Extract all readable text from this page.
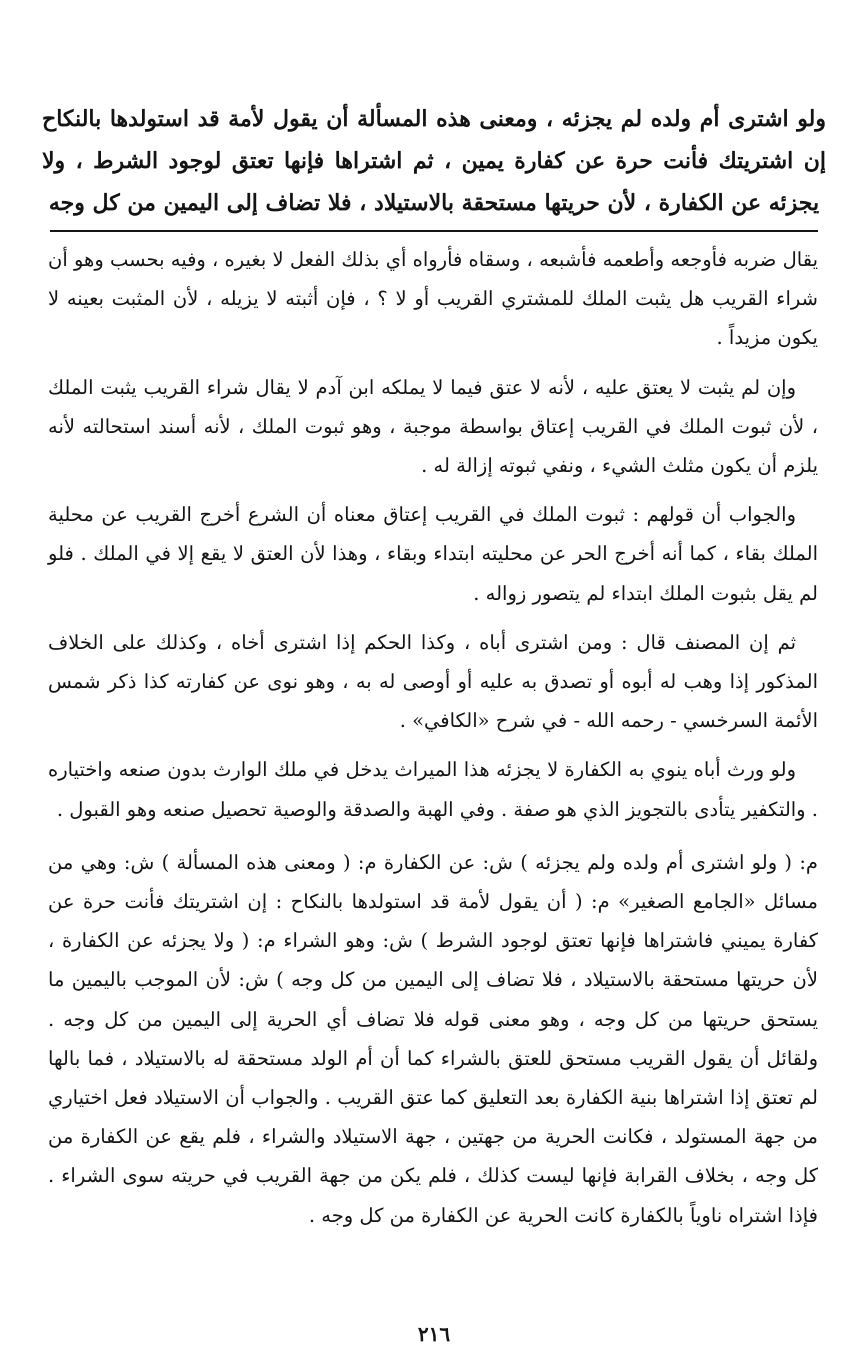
ولو اشترى أم ولده لم يجزئه ، ومعنى هذه المسألة أن يقول لأمة قد استولدها بالنكاح إن اشتريتك فأنت حرة عن كفارة يمين ، ثم اشتراها فإنها تعتق لوجود الشرط ، ولا يجزئه عن الكفارة ، لأن حريتها مستحقة بالاستيلاد ، فلا تضاف إلى اليمين من كل وجه

يقال ضربه فأوجعه وأطعمه فأشبعه ، وسقاه فأرواه أي بذلك الفعل لا بغيره ، وفيه بحسب وهو أن شراء القريب هل يثبت الملك للمشتري القريب أو لا ؟ ، فإن أثبته لا يزيله ، لأن المثبت بعينه لا يكون مزيداً .

وإن لم يثبت لا يعتق عليه ، لأنه لا عتق فيما لا يملكه ابن آدم لا يقال شراء القريب يثبت الملك ، لأن ثبوت الملك في القريب إعتاق بواسطة موجبة ، وهو ثبوت الملك ، لأنه أسند استحالته لأنه يلزم أن يكون مثلث الشيء ، ونفي ثبوته إزالة له .

والجواب أن قولهم : ثبوت الملك في القريب إعتاق معناه أن الشرع أخرج القريب عن محلية الملك بقاء ، كما أنه أخرج الحر عن محليته ابتداء وبقاء ، وهذا لأن العتق لا يقع إلا في الملك . فلو لم يقل بثبوت الملك ابتداء لم يتصور زواله .

ثم إن المصنف قال : ومن اشترى أباه ، وكذا الحكم إذا اشترى أخاه ، وكذلك على الخلاف المذكور إذا وهب له أبوه أو تصدق به عليه أو أوصى له به ، وهو نوى عن كفارته كذا ذكر شمس الأئمة السرخسي - رحمه الله - في شرح «الكافي» .

ولو ورث أباه ينوي به الكفارة لا يجزئه هذا الميراث يدخل في ملك الوارث بدون صنعه واختياره . والتكفير يتأدى بالتجويز الذي هو صفة . وفي الهبة والصدقة والوصية تحصيل صنعه وهو القبول .

م: ( ولو اشترى أم ولده ولم يجزئه ) ش: عن الكفارة م: ( ومعنى هذه المسألة ) ش: وهي من مسائل «الجامع الصغير» م: ( أن يقول لأمة قد استولدها بالنكاح : إن اشتريتك فأنت حرة عن كفارة يميني فاشتراها فإنها تعتق لوجود الشرط ) ش: وهو الشراء م: ( ولا يجزئه عن الكفارة ، لأن حريتها مستحقة بالاستيلاد ، فلا تضاف إلى اليمين من كل وجه ) ش: لأن الموجب باليمين ما يستحق حريتها من كل وجه ، وهو معنى قوله فلا تضاف أي الحرية إلى اليمين من كل وجه . ولقائل أن يقول القريب مستحق للعتق بالشراء كما أن أم الولد مستحقة له بالاستيلاد ، فما بالها لم تعتق إذا اشتراها بنية الكفارة بعد التعليق كما عتق القريب . والجواب أن الاستيلاد فعل اختياري من جهة المستولد ، فكانت الحرية من جهتين ، جهة الاستيلاد والشراء ، فلم يقع عن الكفارة من كل وجه ، بخلاف القرابة فإنها ليست كذلك ، فلم يكن من جهة القريب في حريته سوى الشراء . فإذا اشتراه ناوياً بالكفارة كانت الحرية عن الكفارة من كل وجه .

٢١٦
